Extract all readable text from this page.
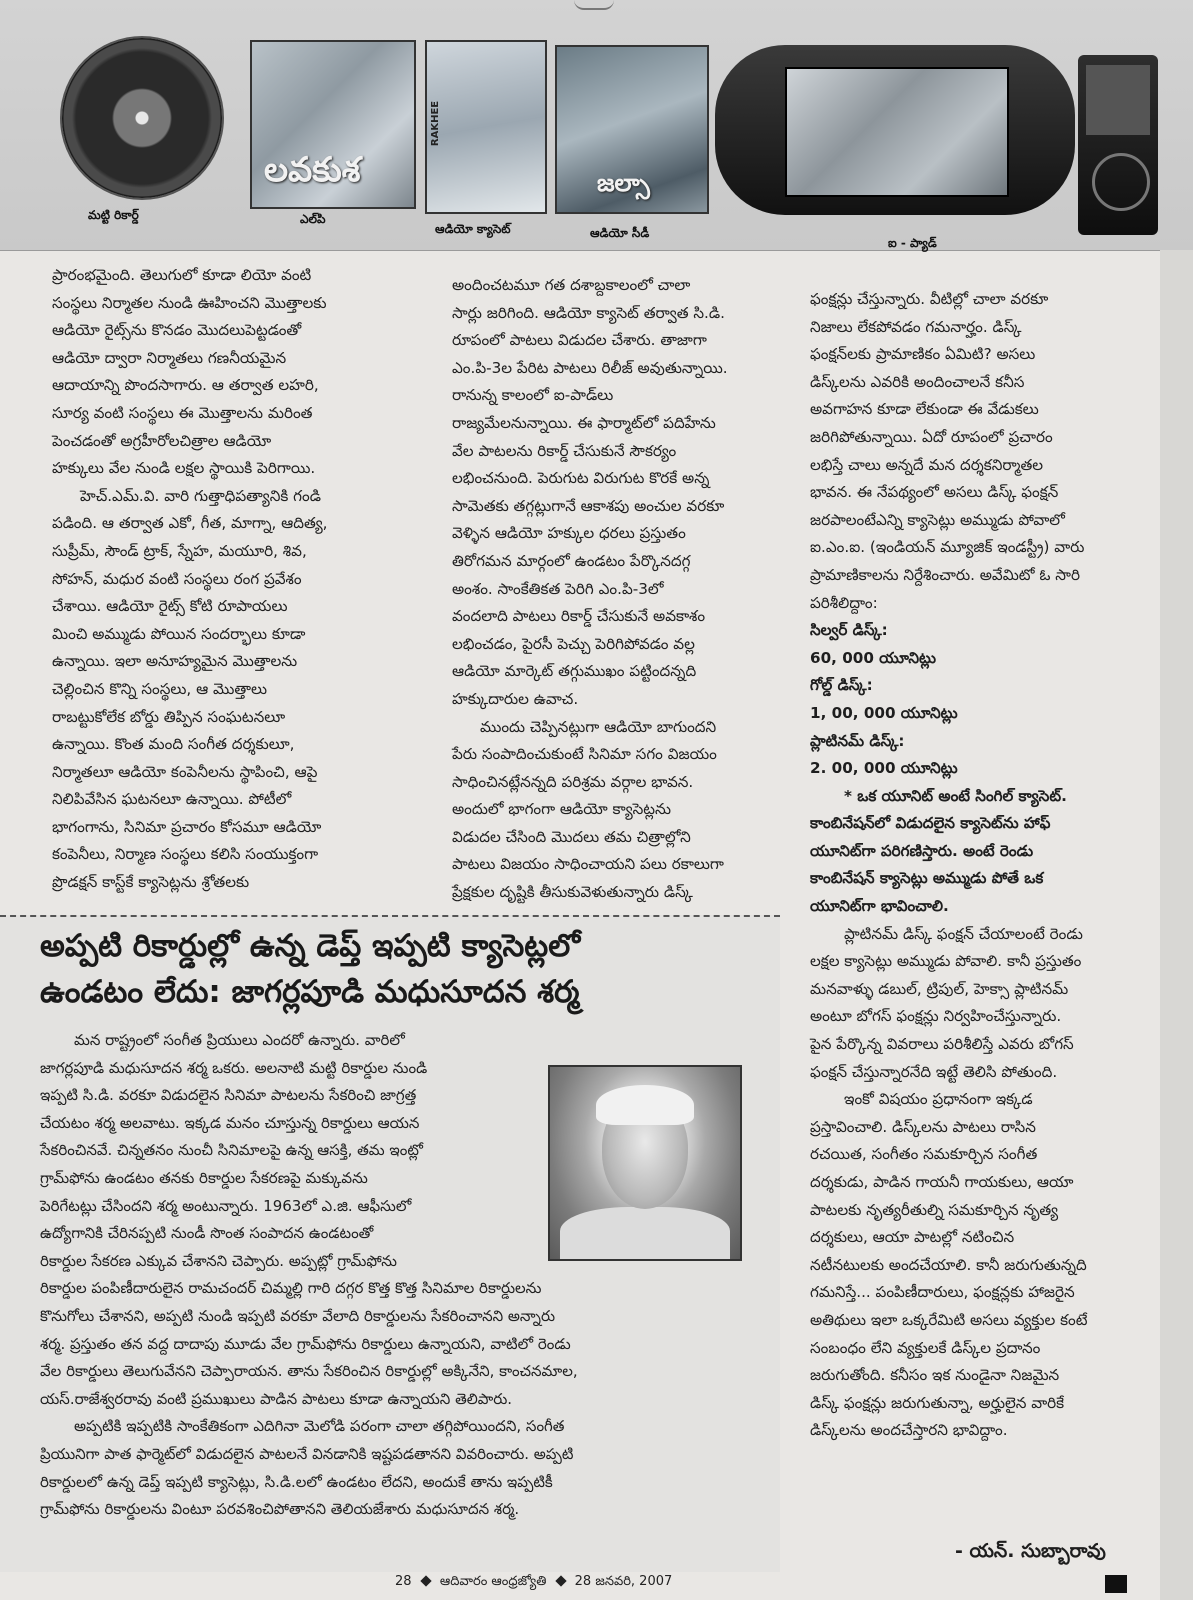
మట్టి రికార్డ్
లవకుశ
ఎల్‌పి
RAKHEE
ఆడియో క్యాసెట్
జల్సా
ఆడియో సీడీ
ఐ - ప్యాడ్

ప్రారంభమైంది. తెలుగులో కూడా లియో వంటి

సంస్థలు నిర్మాతల నుండి ఊహించని మొత్తాలకు

ఆడియో రైట్స్‌ను కొనడం మొదలుపెట్టడంతో

ఆడియో ద్వారా నిర్మాతలు గణనీయమైన

ఆదాయాన్ని పొందసాగారు. ఆ తర్వాత లహరి,

సూర్య వంటి సంస్థలు ఈ మొత్తాలను మరింత

పెంచడంతో అగ్రహీరోలచిత్రాల ఆడియో

హక్కులు వేల నుండి లక్షల స్థాయికి పెరిగాయి.

హెచ్.ఎమ్.వి. వారి గుత్తాధిపత్యానికి గండి

పడింది. ఆ తర్వాత ఎకో, గీత, మాగ్నా, ఆదిత్య,

సుప్రీమ్, సౌండ్ ట్రాక్, స్నేహ, మయూరి, శివ,

సోహన్, మధుర వంటి సంస్థలు రంగ ప్రవేశం

చేశాయి. ఆడియో రైట్స్ కోటి రూపాయలు

మించి అమ్ముడు పోయిన సందర్భాలు కూడా

ఉన్నాయి. ఇలా అనూహ్యమైన మొత్తాలను

చెల్లించిన కొన్ని సంస్థలు, ఆ మొత్తాలు

రాబట్టుకోలేక బోర్డు తిప్పిన సంఘటనలూ

ఉన్నాయి. కొంత మంది సంగీత దర్శకులూ,

నిర్మాతలూ ఆడియో కంపెనీలను స్థాపించి, ఆపై

నిలిపివేసిన ఘటనలూ ఉన్నాయి. పోటీలో

భాగంగాను, సినిమా ప్రచారం కోసమూ ఆడియో

కంపెనీలు, నిర్మాణ సంస్థలు కలిసి సంయుక్తంగా

ప్రొడక్షన్ కాస్ట్‌కే క్యాసెట్లను శ్రోతలకు

అందించటమూ గత దశాబ్దకాలంలో చాలా

సార్లు జరిగింది. ఆడియో క్యాసెట్ తర్వాత సి.డి.

రూపంలో పాటలు విడుదల చేశారు. తాజాగా

ఎం.పి-3ల పేరిట పాటలు రిలీజ్ అవుతున్నాయి.

రానున్న కాలంలో ఐ-పాడ్‌లు

రాజ్యమేలనున్నాయి. ఈ ఫార్మాట్‌లో పదిహేను

వేల పాటలను రికార్డ్ చేసుకునే సౌకర్యం

లభించనుంది. పెరుగుట విరుగుట కొరకే అన్న

సామెతకు తగ్గట్లుగానే ఆకాశపు అంచుల వరకూ

వెళ్ళిన ఆడియో హక్కుల ధరలు ప్రస్తుతం

తిరోగమన మార్గంలో ఉండటం పేర్కొనదగ్గ

అంశం. సాంకేతికత పెరిగి ఎం.పి-3లో

వందలాది పాటలు రికార్డ్ చేసుకునే అవకాశం

లభించడం, పైరసీ పెచ్చు పెరిగిపోవడం వల్ల

ఆడియో మార్కెట్ తగ్గుముఖం పట్టిందన్నది

హక్కుదారుల ఉవాచ.

ముందు చెప్పినట్లుగా ఆడియో బాగుందని

పేరు సంపాదించుకుంటే సినిమా సగం విజయం

సాధించినట్లేనన్నది పరిశ్రమ వర్గాల భావన.

అందులో భాగంగా ఆడియో క్యాసెట్లను

విడుదల చేసింది మొదలు తమ చిత్రాల్లోని

పాటలు విజయం సాధించాయని పలు రకాలుగా

ప్రేక్షకుల దృష్టికి తీసుకువెళుతున్నారు డిస్క్

ఫంక్షన్లు చేస్తున్నారు. వీటిల్లో చాలా వరకూ

నిజాలు లేకపోవడం గమనార్హం. డిస్క్

ఫంక్షన్‌లకు ప్రామాణికం ఏమిటి? అసలు

డిస్క్‌లను ఎవరికి అందించాలనే కనీస

అవగాహన కూడా లేకుండా ఈ వేడుకలు

జరిగిపోతున్నాయి. ఏదో రూపంలో ప్రచారం

లభిస్తే చాలు అన్నదే మన దర్శకనిర్మాతల

భావన. ఈ నేపథ్యంలో అసలు డిస్క్ ఫంక్షన్

జరపాలంటేఎన్ని క్యాసెట్లు అమ్ముడు పోవాలో

ఐ.ఎం.ఐ. (ఇండియన్ మ్యూజిక్ ఇండస్ట్రీ) వారు

ప్రామాణికాలను నిర్దేశించారు. అవేమిటో ఓ సారి

పరిశీలిద్దాం:

సిల్వర్ డిస్క్:

60, 000 యూనిట్లు

గోల్డ్ డిస్క్:

1, 00, 000 యూనిట్లు

ప్లాటినమ్ డిస్క్:

2. 00, 000 యూనిట్లు

* ఒక యూనిట్ అంటే సింగిల్ క్యాసెట్.

కాంబినేషన్‌లో విడుదలైన క్యాసెట్‌ను హాఫ్

యూనిట్‌గా పరిగణిస్తారు. అంటే రెండు

కాంబినేషన్ క్యాసెట్లు అమ్ముడు పోతే ఒక

యూనిట్‌గా భావించాలి.

ప్లాటినమ్ డిస్క్ ఫంక్షన్ చేయాలంటే రెండు

లక్షల క్యాసెట్లు అమ్ముడు పోవాలి. కానీ ప్రస్తుతం

మనవాళ్ళు డబుల్, ట్రిపుల్, హెక్సా ప్లాటినమ్

అంటూ బోగస్ ఫంక్షన్లు నిర్వహించేస్తున్నారు.

పైన పేర్కొన్న వివరాలు పరిశీలిస్తే ఎవరు బోగస్

ఫంక్షన్ చేస్తున్నారనేది ఇట్టే తెలిసి పోతుంది.

ఇంకో విషయం ప్రధానంగా ఇక్కడ

ప్రస్తావించాలి. డిస్క్‌లను పాటలు రాసిన

రచయిత, సంగీతం సమకూర్చిన సంగీత

దర్శకుడు, పాడిన గాయనీ గాయకులు, ఆయా

పాటలకు నృత్యరీతుల్ని సమకూర్చిన నృత్య

దర్శకులు, ఆయా పాటల్లో నటించిన

నటీనటులకు అందచేయాలి. కానీ జరుగుతున్నది

గమనిస్తే... పంపిణీదారులు, ఫంక్షన్లకు హాజరైన

అతిథులు ఇలా ఒక్కరేమిటి అసలు వ్యక్తుల కంటే

సంబంధం లేని వ్యక్తులకే డిస్క్‌ల ప్రదానం

జరుగుతోంది. కనీసం ఇక నుండైనా నిజమైన

డిస్క్ ఫంక్షన్లు జరుగుతున్నా, అర్హులైన వారికే

డిస్క్‌లను అందచేస్తారని భావిద్దాం.

అప్పటి రికార్డుల్లో ఉన్న డెప్త్ ఇప్పటి క్యాసెట్లలో
ఉండటం లేదు: జాగర్లపూడి మధుసూదన శర్మ

మన రాష్ట్రంలో సంగీత ప్రియులు ఎందరో ఉన్నారు. వారిలో

జాగర్లపూడి మధుసూదన శర్మ ఒకరు. అలనాటి మట్టి రికార్డుల నుండి

ఇప్పటి సి.డి. వరకూ విడుదలైన సినిమా పాటలను సేకరించి జాగ్రత్త

చేయటం శర్మ అలవాటు. ఇక్కడ మనం చూస్తున్న రికార్డులు ఆయన

సేకరించినవే. చిన్నతనం నుంచీ సినిమాలపై ఉన్న ఆసక్తి, తమ ఇంట్లో

గ్రామ్‌ఫోను ఉండటం తనకు రికార్డుల సేకరణపై మక్కువను

పెరిగేటట్లు చేసిందని శర్మ అంటున్నారు. 1963లో ఎ.జి. ఆఫీసులో

ఉద్యోగానికి చేరినప్పటి నుండీ సొంత సంపాదన ఉండటంతో

రికార్డుల సేకరణ ఎక్కువ చేశానని చెప్పారు. అప్పట్లో గ్రామ్‌ఫోను

రికార్డుల పంపిణీదారులైన రామచందర్ చిమ్మల్లి గారి దగ్గర కొత్త కొత్త సినిమాల రికార్డులను

కొనుగోలు చేశానని, అప్పటి నుండి ఇప్పటి వరకూ వేలాది రికార్డులను సేకరించానని అన్నారు

శర్మ. ప్రస్తుతం తన వద్ద దాదాపు మూడు వేల గ్రామ్‌ఫోను రికార్డులు ఉన్నాయని, వాటిలో రెండు

వేల రికార్డులు తెలుగువేనని చెప్పారాయన. తాను సేకరించిన రికార్డుల్లో అక్కినేని, కాంచనమాల,

యస్.రాజేశ్వరరావు వంటి ప్రముఖులు పాడిన పాటలు కూడా ఉన్నాయని తెలిపారు.

అప్పటికి ఇప్పటికి సాంకేతికంగా ఎదిగినా మెలోడి పరంగా చాలా తగ్గిపోయిందని, సంగీత

ప్రియునిగా పాత ఫార్మెట్‌లో విడుదలైన పాటలనే వినడానికి ఇష్టపడతానని వివరించారు. అప్పటి

రికార్డులలో ఉన్న డెప్త్ ఇప్పటి క్యాసెట్లు, సి.డి.లలో ఉండటం లేదని, అందుకే తాను ఇప్పటికీ

గ్రామ్‌ఫోను రికార్డులను వింటూ పరవశించిపోతానని తెలియజేశారు మధుసూదన శర్మ.

- యన్. సుబ్బారావు
28 ఆదివారం ఆంధ్రజ్యోతి 28 జనవరి, 2007
